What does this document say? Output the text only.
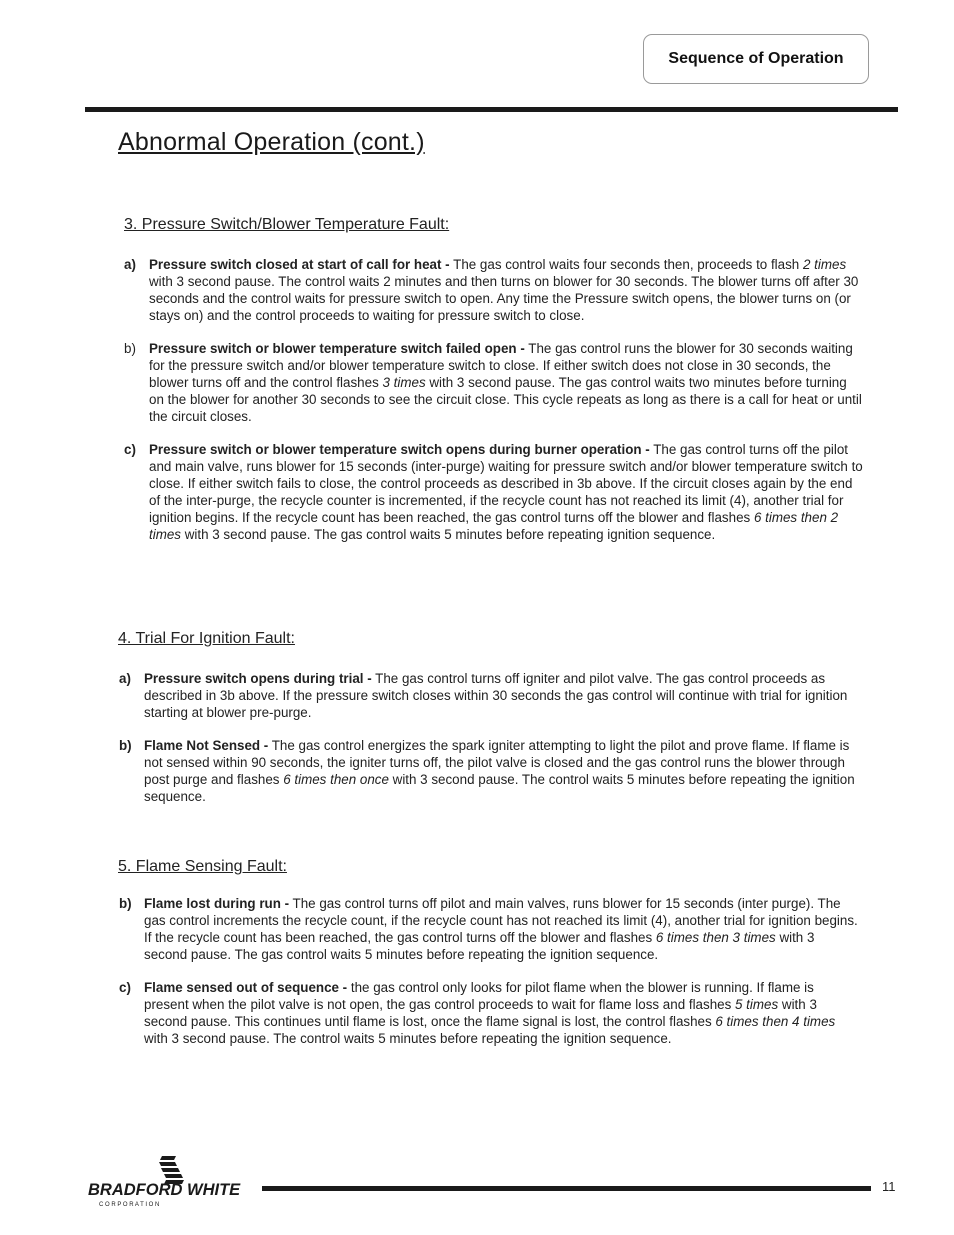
Sequence of Operation
Abnormal Operation (cont.)
3. Pressure Switch/Blower Temperature Fault:
a) Pressure switch closed at start of call for heat - The gas control waits four seconds then, proceeds to flash 2 times with 3 second pause. The control waits 2 minutes and then turns on blower for 30 seconds. The blower turns off after 30 seconds and the control waits for pressure switch to open. Any time the Pressure switch opens, the blower turns on (or stays on) and the control proceeds to waiting for pressure switch to close.
b) Pressure switch or blower temperature switch failed open - The gas control runs the blower for 30 seconds waiting for the pressure switch and/or blower temperature switch to close. If either switch does not close in 30 seconds, the blower turns off and the control flashes 3 times with 3 second pause. The gas control waits two minutes before turning on the blower for another 30 seconds to see the circuit close. This cycle repeats as long as there is a call for heat or until the circuit closes.
c) Pressure switch or blower temperature switch opens during burner operation - The gas control turns off the pilot and main valve, runs blower for 15 seconds (inter-purge) waiting for pressure switch and/or blower temperature switch to close. If either switch fails to close, the control proceeds as described in 3b above. If the circuit closes again by the end of the inter-purge, the recycle counter is incremented, if the recycle count has not reached its limit (4), another trial for ignition begins. If the recycle count has been reached, the gas control turns off the blower and flashes 6 times then 2 times with 3 second pause. The gas control waits 5 minutes before repeating ignition sequence.
4. Trial For Ignition Fault:
a) Pressure switch opens during trial - The gas control turns off igniter and pilot valve. The gas control proceeds as described in 3b above. If the pressure switch closes within 30 seconds the gas control will continue with trial for ignition starting at blower pre-purge.
b) Flame Not Sensed - The gas control energizes the spark igniter attempting to light the pilot and prove flame. If flame is not sensed within 90 seconds, the igniter turns off, the pilot valve is closed and the gas control runs the blower through post purge and flashes 6 times then once with 3 second pause. The control waits 5 minutes before repeating the ignition sequence.
5. Flame Sensing Fault:
b) Flame lost during run - The gas control turns off pilot and main valves, runs blower for 15 seconds (inter purge). The gas control increments the recycle count, if the recycle count has not reached its limit (4), another trial for ignition begins. If the recycle count has been reached, the gas control turns off the blower and flashes 6 times then 3 times with 3 second pause. The gas control waits 5 minutes before repeating the ignition sequence.
c) Flame sensed out of sequence - the gas control only looks for pilot flame when the blower is running. If flame is present when the pilot valve is not open, the gas control proceeds to wait for flame loss and flashes 5 times with 3 second pause. This continues until flame is lost, once the flame signal is lost, the control flashes 6 times then 4 times with 3 second pause. The control waits 5 minutes before repeating the ignition sequence.
BRADFORD WHITE
C O R P O R A T I O N
11
